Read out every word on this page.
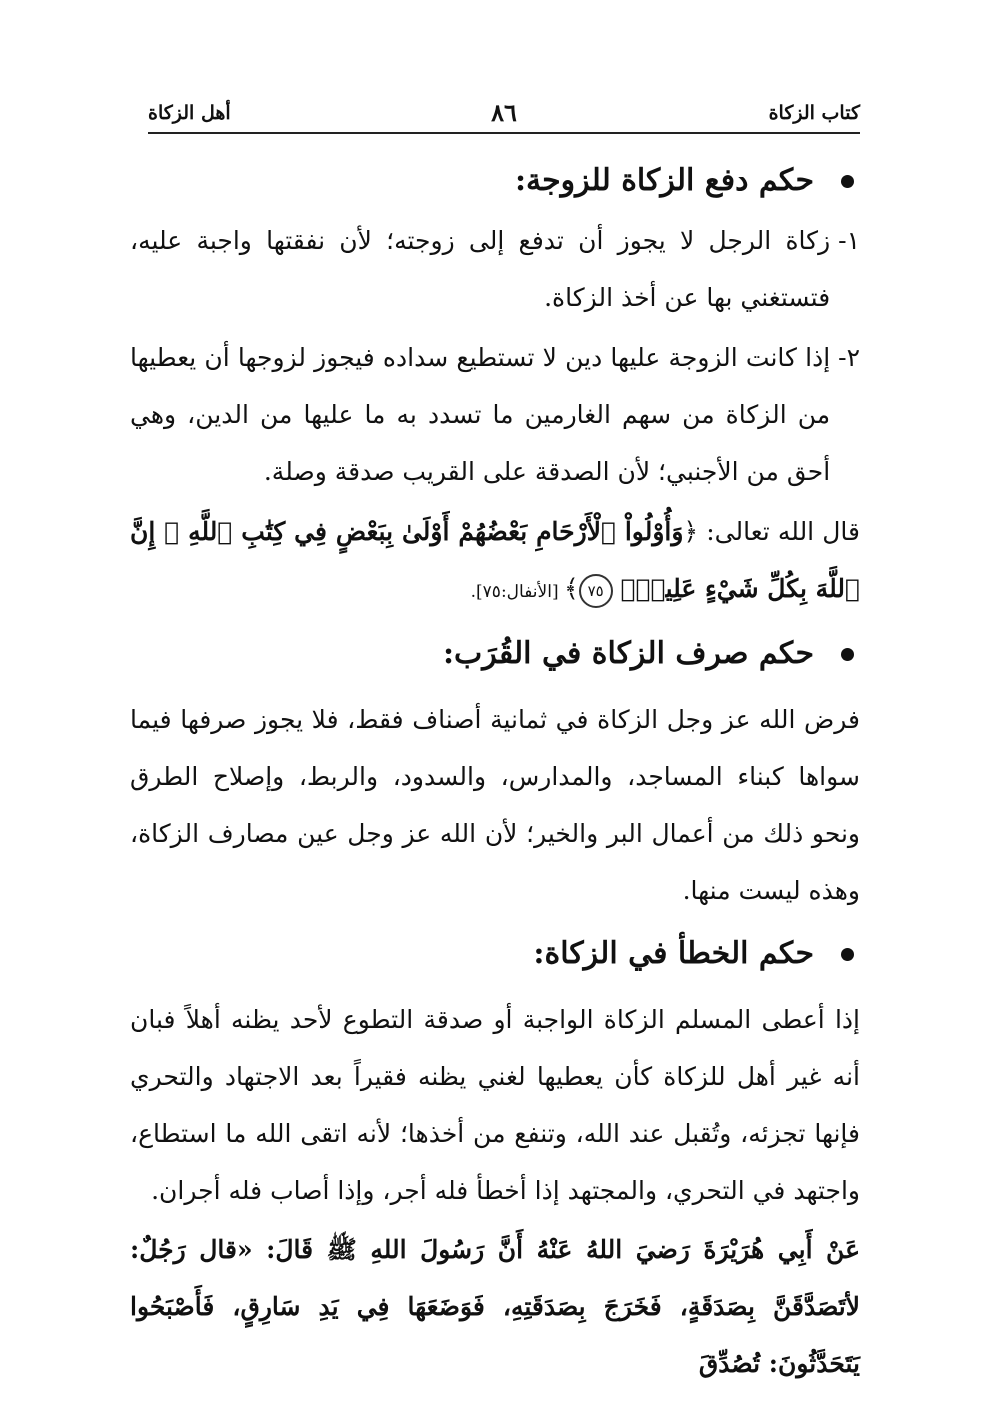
كتاب الزكاة
٨٦
أهل الزكاة
حكم دفع الزكاة للزوجة:
١-

زكاة الرجل لا يجوز أن تدفع إلى زوجته؛ لأن نفقتها واجبة عليه، فتستغني بها عن أخذ الزكاة.

٢-

إذا كانت الزوجة عليها دين لا تستطيع سداده فيجوز لزوجها أن يعطيها من الزكاة من سهم الغارمين ما تسدد به ما عليها من الدين، وهي أحق من الأجنبي؛ لأن الصدقة على القريب صدقة وصلة.

قال الله تعالى: ﴿وَأُوْلُواْ ٱلْأَرْحَامِ بَعْضُهُمْ أَوْلَىٰ بِبَعْضٍ فِي كِتَٰبِ ٱللَّهِ ۗ إِنَّ ٱللَّهَ بِكُلِّ شَيْءٍ عَلِيمُۢ ٧٥﴾ [الأنفال:٧٥].

حكم صرف الزكاة في القُرَب:

فرض الله عز وجل الزكاة في ثمانية أصناف فقط، فلا يجوز صرفها فيما سواها كبناء المساجد، والمدارس، والسدود، والربط، وإصلاح الطرق ونحو ذلك من أعمال البر والخير؛ لأن الله عز وجل عين مصارف الزكاة، وهذه ليست منها.

حكم الخطأ في الزكاة:

إذا أعطى المسلم الزكاة الواجبة أو صدقة التطوع لأحد يظنه أهلاً فبان أنه غير أهل للزكاة كأن يعطيها لغني يظنه فقيراً بعد الاجتهاد والتحري فإنها تجزئه، وتُقبل عند الله، وتنفع من أخذها؛ لأنه اتقى الله ما استطاع، واجتهد في التحري، والمجتهد إذا أخطأ فله أجر، وإذا أصاب فله أجران.

عَنْ أَبِي هُرَيْرَةَ رَضيَ اللهُ عَنْهُ أَنَّ رَسُولَ اللهِ ﷺ قَالَ: «قال رَجُلٌ: لأتَصَدَّقَنَّ بِصَدَقَةٍ، فَخَرَجَ بِصَدَقَتِهِ، فَوَضَعَهَا فِي يَدِ سَارِقٍ، فَأَصْبَحُوا يَتَحَدَّثُونَ: تُصُدِّقَ
